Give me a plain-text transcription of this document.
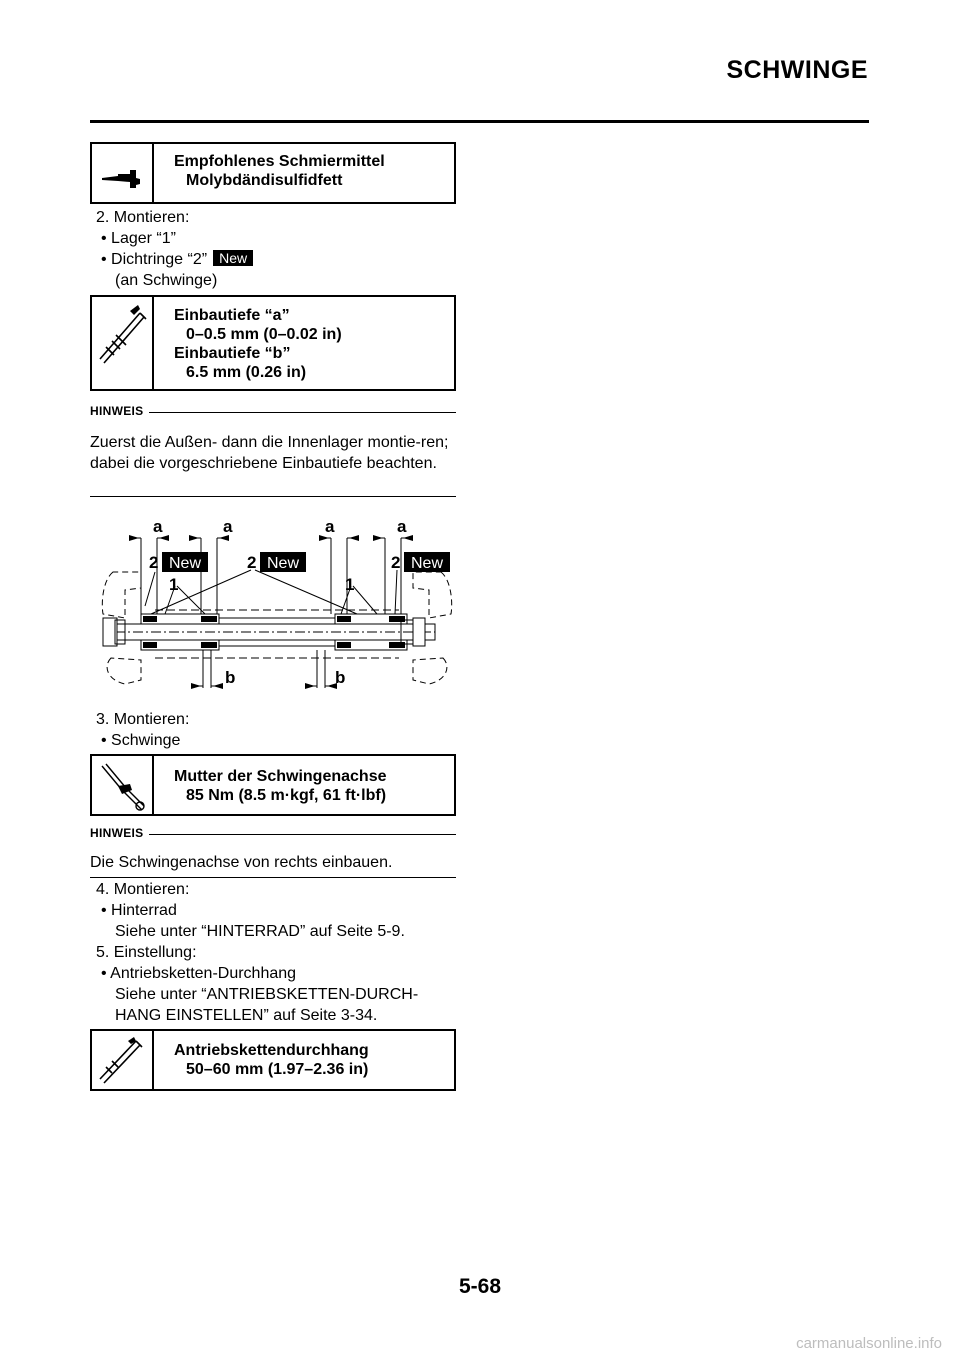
SCHWINGE
Empfohlenes Schmiermittel
Molybdändisulfidfett
2. Montieren:
• Lager “1”
• Dichtringe “2” New
(an Schwinge)
Einbautiefe “a”
0–0.5 mm (0–0.02 in)
Einbautiefe “b”
6.5 mm (0.26 in)
HINWEIS
Zuerst die Außen- dann die Innenlager montie-ren; dabei die vorgeschriebene Einbautiefe beachten.
a	a	a	a
2	2	2
1	1
b	b
New	New	New
3. Montieren:
• Schwinge
Mutter der Schwingenachse
85 Nm (8.5 m·kgf, 61 ft·lbf)
HINWEIS
Die Schwingenachse von rechts einbauen.
4. Montieren:
• Hinterrad
Siehe unter “HINTERRAD” auf Seite 5-9.
5. Einstellung:
• Antriebsketten-Durchhang
Siehe unter “ANTRIEBSKETTEN-DURCH-
HANG EINSTELLEN” auf Seite 3-34.
Antriebskettendurchhang
50–60 mm (1.97–2.36 in)
5-68
carmanualsonline.info
